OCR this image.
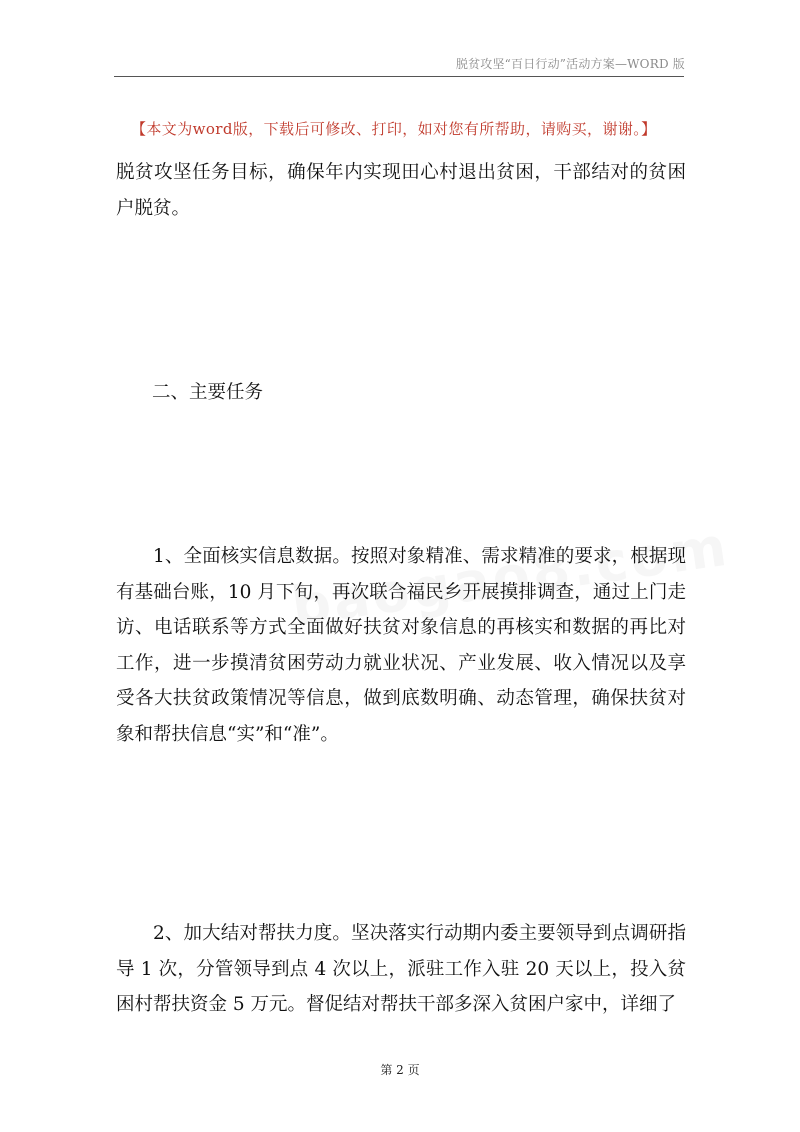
脱贫攻坚“百日行动”活动方案—WORD 版
【本文为word版，下载后可修改、打印，如对您有所帮助，请购买，谢谢。】

脱贫攻坚任务目标，确保年内实现田心村退出贫困，干部结对的贫困户脱贫。

二、主要任务

1、全面核实信息数据。按照对象精准、需求精准的要求，根据现有基础台账，10 月下旬，再次联合福民乡开展摸排调查，通过上门走访、电话联系等方式全面做好扶贫对象信息的再核实和数据的再比对工作，进一步摸清贫困劳动力就业状况、产业发展、收入情况以及享受各大扶贫政策情况等信息，做到底数明确、动态管理，确保扶贫对象和帮扶信息“实”和“准”。

2、加大结对帮扶力度。坚决落实行动期内委主要领导到点调研指导 1 次，分管领导到点 4 次以上，派驻工作入驻 20 天以上，投入贫困村帮扶资金 5 万元。督促结对帮扶干部多深入贫困户家中，详细了

第 2 页
